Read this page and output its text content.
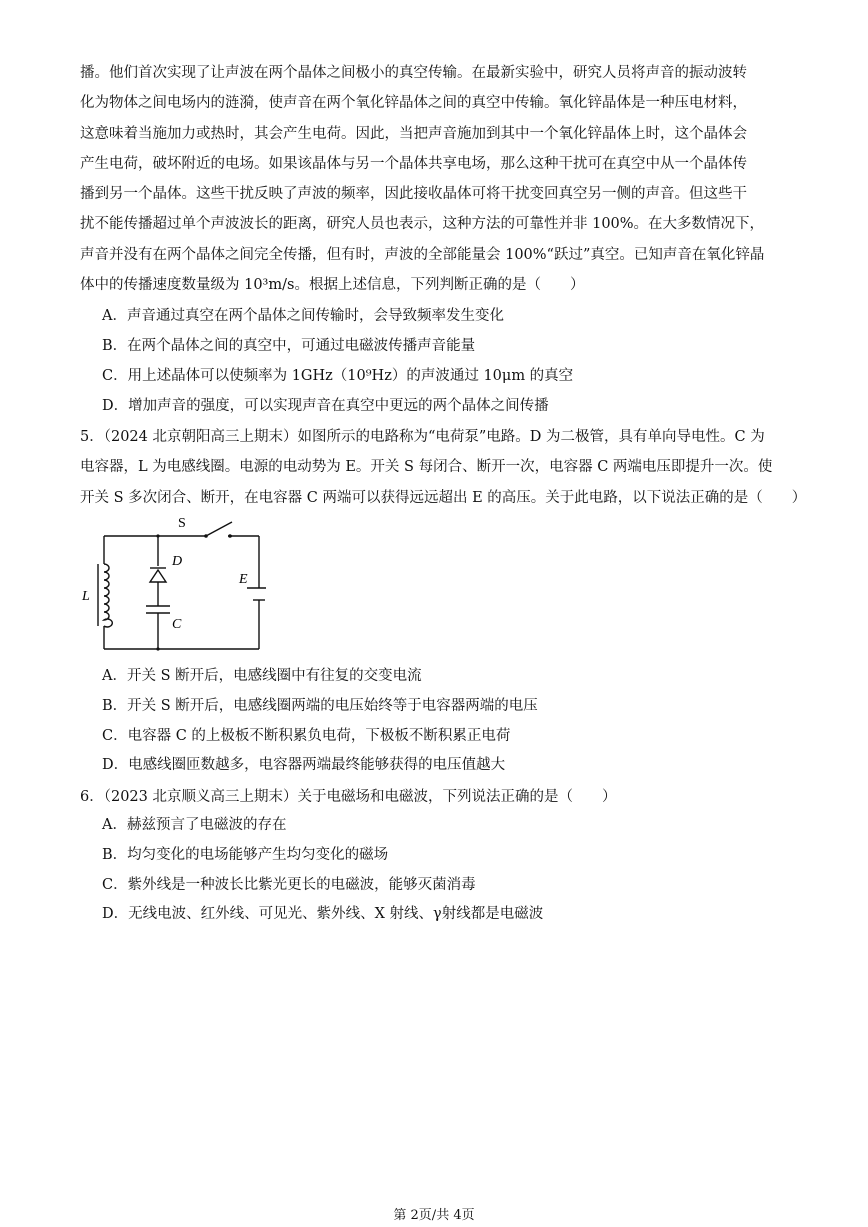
播。他们首次实现了让声波在两个晶体之间极小的真空传输。在最新实验中，研究人员将声音的振动波转
化为物体之间电场内的涟漪，使声音在两个氧化锌晶体之间的真空中传输。氧化锌晶体是一种压电材料，
这意味着当施加力或热时，其会产生电荷。因此，当把声音施加到其中一个氧化锌晶体上时，这个晶体会
产生电荷，破坏附近的电场。如果该晶体与另一个晶体共享电场，那么这种干扰可在真空中从一个晶体传
播到另一个晶体。这些干扰反映了声波的频率，因此接收晶体可将干扰变回真空另一侧的声音。但这些干
扰不能传播超过单个声波波长的距离，研究人员也表示，这种方法的可靠性并非 100%。在大多数情况下，
声音并没有在两个晶体之间完全传播，但有时，声波的全部能量会 100%“跃过”真空。已知声音在氧化锌晶
体中的传播速度数量级为 10³m/s。根据上述信息，下列判断正确的是（　　）

A．声音通过真空在两个晶体之间传输时，会导致频率发生变化

B．在两个晶体之间的真空中，可通过电磁波传播声音能量

C．用上述晶体可以使频率为 1GHz（10⁹Hz）的声波通过 10μm 的真空

D．增加声音的强度，可以实现声音在真空中更远的两个晶体之间传播

5．（2024 北京朝阳高三上期末）如图所示的电路称为“电荷泵”电路。D 为二极管，具有单向导电性。C 为
电容器，L 为电感线圈。电源的电动势为 E。开关 S 每闭合、断开一次，电容器 C 两端电压即提升一次。使
开关 S 多次闭合、断开，在电容器 C 两端可以获得远远超出 E 的高压。关于此电路，以下说法正确的是（　　）
S
D
L
C
E

A．开关 S 断开后，电感线圈中有往复的交变电流

B．开关 S 断开后，电感线圈两端的电压始终等于电容器两端的电压

C．电容器 C 的上极板不断积累负电荷，下极板不断积累正电荷

D．电感线圈匝数越多，电容器两端最终能够获得的电压值越大

6．（2023 北京顺义高三上期末）关于电磁场和电磁波，下列说法正确的是（　　）

A．赫兹预言了电磁波的存在

B．均匀变化的电场能够产生均匀变化的磁场

C．紫外线是一种波长比紫光更长的电磁波，能够灭菌消毒

D．无线电波、红外线、可见光、紫外线、X 射线、γ射线都是电磁波

第 2页/共 4页
